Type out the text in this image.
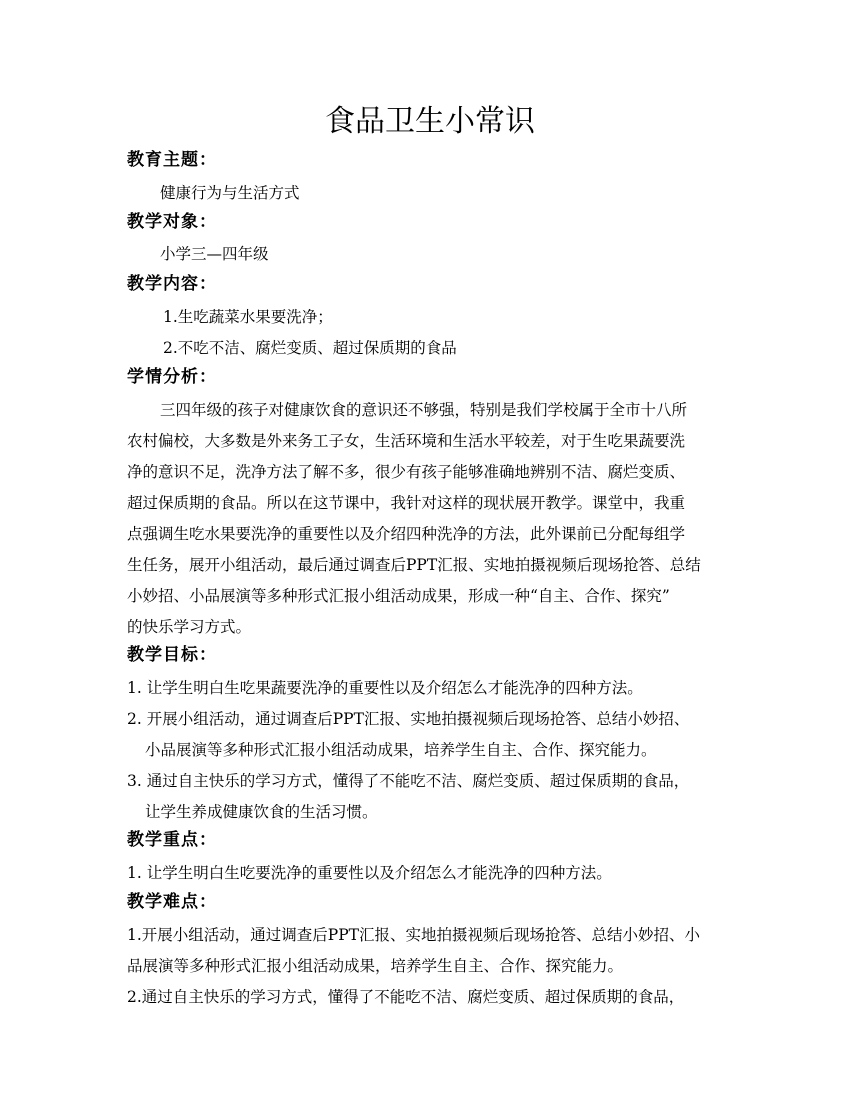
食品卫生小常识
教育主题：
健康行为与生活方式
教学对象：
小学三—四年级
教学内容：
1.生吃蔬菜水果要洗净；
2.不吃不洁、腐烂变质、超过保质期的食品
学情分析：
三四年级的孩子对健康饮食的意识还不够强，特别是我们学校属于全市十八所
农村偏校，大多数是外来务工子女，生活环境和生活水平较差，对于生吃果蔬要洗
净的意识不足，洗净方法了解不多，很少有孩子能够准确地辨别不洁、腐烂变质、
超过保质期的食品。所以在这节课中，我针对这样的现状展开教学。课堂中，我重
点强调生吃水果要洗净的重要性以及介绍四种洗净的方法，此外课前已分配每组学
生任务，展开小组活动，最后通过调查后PPT汇报、实地拍摄视频后现场抢答、总结
小妙招、小品展演等多种形式汇报小组活动成果，形成一种“自主、合作、探究”
的快乐学习方式。
教学目标：
1. 让学生明白生吃果蔬要洗净的重要性以及介绍怎么才能洗净的四种方法。
2. 开展小组活动，通过调查后PPT汇报、实地拍摄视频后现场抢答、总结小妙招、
小品展演等多种形式汇报小组活动成果，培养学生自主、合作、探究能力。
3. 通过自主快乐的学习方式，懂得了不能吃不洁、腐烂变质、超过保质期的食品，
让学生养成健康饮食的生活习惯。
教学重点：
1. 让学生明白生吃要洗净的重要性以及介绍怎么才能洗净的四种方法。
教学难点：
1.开展小组活动，通过调查后PPT汇报、实地拍摄视频后现场抢答、总结小妙招、小
品展演等多种形式汇报小组活动成果，培养学生自主、合作、探究能力。
2.通过自主快乐的学习方式，懂得了不能吃不洁、腐烂变质、超过保质期的食品，
